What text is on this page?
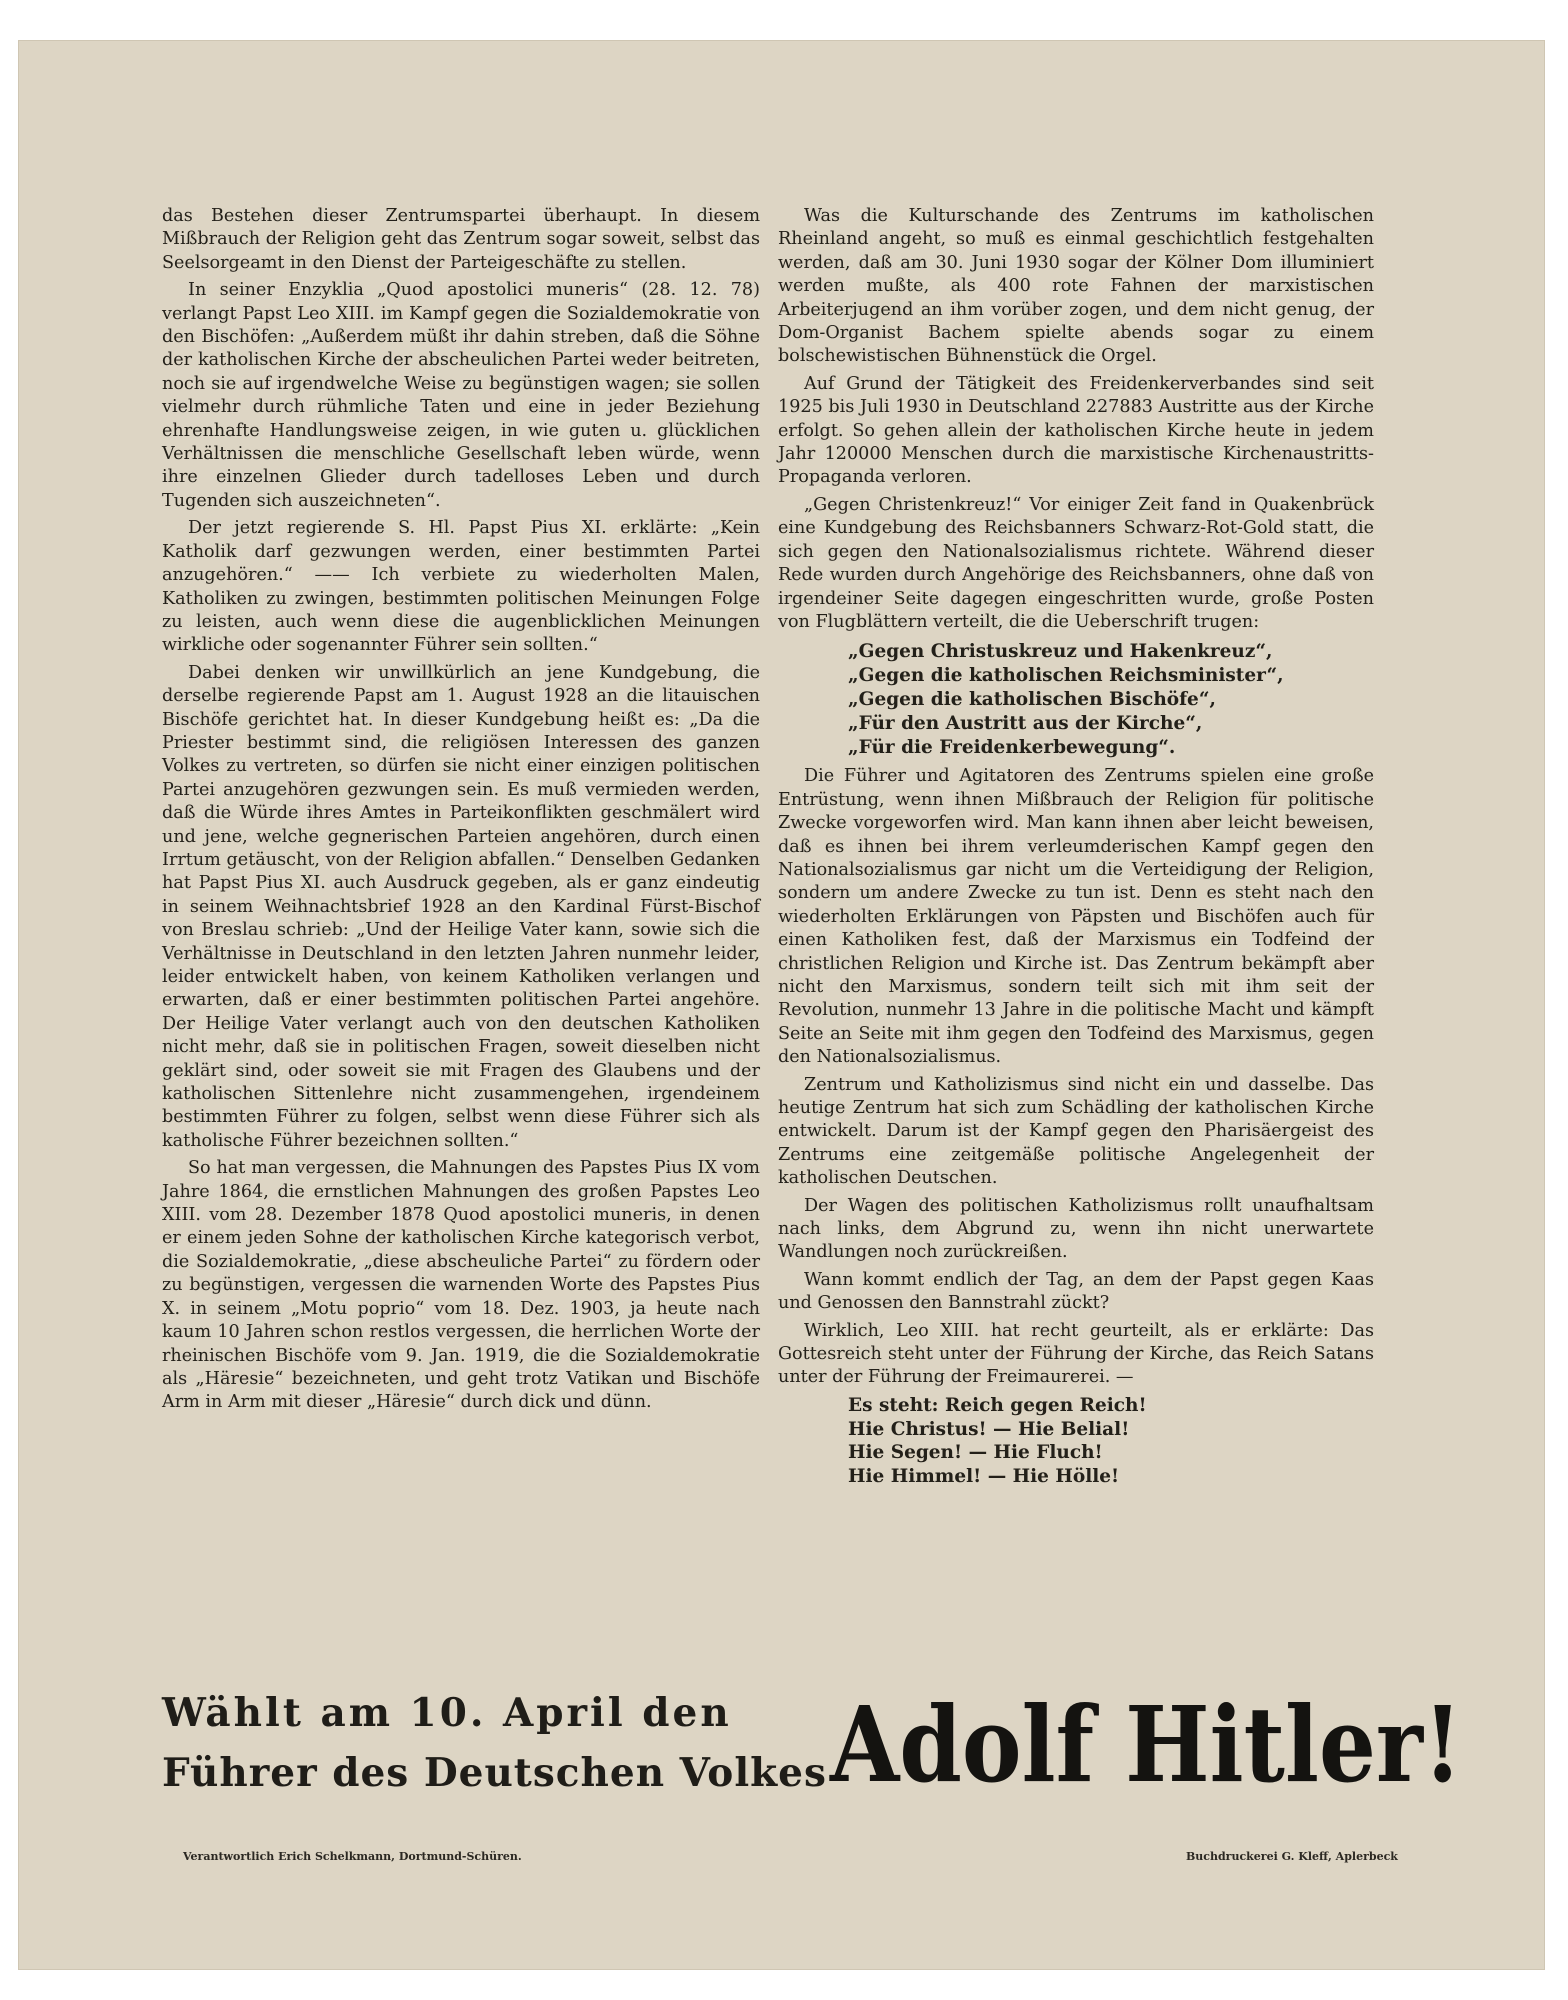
das Bestehen dieser Zentrumspartei überhaupt. In diesem Mißbrauch der Religion geht das Zentrum sogar soweit, selbst das Seelsorgeamt in den Dienst der Parteigeschäfte zu stellen.

In seiner Enzyklia „Quod apostolici muneris“ (28. 12. 78) verlangt Papst Leo XIII. im Kampf gegen die Sozialdemokratie von den Bischöfen: „Außerdem müßt ihr dahin streben, daß die Söhne der katholischen Kirche der abscheulichen Partei weder beitreten, noch sie auf irgendwelche Weise zu begünstigen wagen; sie sollen vielmehr durch rühmliche Taten und eine in jeder Beziehung ehrenhafte Handlungsweise zeigen, in wie guten u. glücklichen Verhältnissen die menschliche Gesellschaft leben würde, wenn ihre einzelnen Glieder durch tadelloses Leben und durch Tugenden sich auszeichneten“.

Der jetzt regierende S. Hl. Papst Pius XI. erklärte: „Kein Katholik darf gezwungen werden, einer bestimmten Partei anzugehören.“ —— Ich verbiete zu wiederholten Malen, Katholiken zu zwingen, bestimmten politischen Meinungen Folge zu leisten, auch wenn diese die augenblicklichen Meinungen wirkliche oder sogenannter Führer sein sollten.“

Dabei denken wir unwillkürlich an jene Kundgebung, die derselbe regierende Papst am 1. August 1928 an die litauischen Bischöfe gerichtet hat. In dieser Kundgebung heißt es: „Da die Priester bestimmt sind, die religiösen Interessen des ganzen Volkes zu vertreten, so dürfen sie nicht einer einzigen politischen Partei anzugehören gezwungen sein. Es muß vermieden werden, daß die Würde ihres Amtes in Parteikonflikten geschmälert wird und jene, welche gegnerischen Parteien angehören, durch einen Irrtum getäuscht, von der Religion abfallen.“ Denselben Gedanken hat Papst Pius XI. auch Ausdruck gegeben, als er ganz eindeutig in seinem Weihnachtsbrief 1928 an den Kardinal Fürst-Bischof von Breslau schrieb: „Und der Heilige Vater kann, sowie sich die Verhältnisse in Deutschland in den letzten Jahren nunmehr leider, leider entwickelt haben, von keinem Katholiken verlangen und erwarten, daß er einer bestimmten politischen Partei angehöre. Der Heilige Vater verlangt auch von den deutschen Katholiken nicht mehr, daß sie in politischen Fragen, soweit dieselben nicht geklärt sind, oder soweit sie mit Fragen des Glaubens und der katholischen Sittenlehre nicht zusammengehen, irgendeinem bestimmten Führer zu folgen, selbst wenn diese Führer sich als katholische Führer bezeichnen sollten.“

So hat man vergessen, die Mahnungen des Papstes Pius IX vom Jahre 1864, die ernstlichen Mahnungen des großen Papstes Leo XIII. vom 28. Dezember 1878 Quod apostolici muneris, in denen er einem jeden Sohne der katholischen Kirche kategorisch verbot, die Sozialdemokratie, „diese abscheuliche Partei“ zu fördern oder zu begünstigen, vergessen die warnenden Worte des Papstes Pius X. in seinem „Motu poprio“ vom 18. Dez. 1903, ja heute nach kaum 10 Jahren schon restlos vergessen, die herrlichen Worte der rheinischen Bischöfe vom 9. Jan. 1919, die die Sozialdemokratie als „Häresie“ bezeichneten, und geht trotz Vatikan und Bischöfe Arm in Arm mit dieser „Häresie“ durch dick und dünn.

Was die Kulturschande des Zentrums im katholischen Rheinland angeht, so muß es einmal geschichtlich festgehalten werden, daß am 30. Juni 1930 sogar der Kölner Dom illuminiert werden mußte, als 400 rote Fahnen der marxistischen Arbeiterjugend an ihm vorüber zogen, und dem nicht genug, der Dom-Organist Bachem spielte abends sogar zu einem bolschewistischen Bühnenstück die Orgel.

Auf Grund der Tätigkeit des Freidenkerverbandes sind seit 1925 bis Juli 1930 in Deutschland 227883 Austritte aus der Kirche erfolgt. So gehen allein der katholischen Kirche heute in jedem Jahr 120000 Menschen durch die marxistische Kirchenaustritts-Propaganda verloren.

„Gegen Christenkreuz!“ Vor einiger Zeit fand in Quakenbrück eine Kundgebung des Reichsbanners Schwarz-Rot-Gold statt, die sich gegen den Nationalsozialismus richtete. Während dieser Rede wurden durch Angehörige des Reichsbanners, ohne daß von irgendeiner Seite dagegen eingeschritten wurde, große Posten von Flugblättern verteilt, die die Ueberschrift trugen:

„Gegen Christuskreuz und Hakenkreuz“,
„Gegen die katholischen Reichsminister“,
„Gegen die katholischen Bischöfe“,
„Für den Austritt aus der Kirche“,
„Für die Freidenkerbewegung“.

Die Führer und Agitatoren des Zentrums spielen eine große Entrüstung, wenn ihnen Mißbrauch der Religion für politische Zwecke vorgeworfen wird. Man kann ihnen aber leicht beweisen, daß es ihnen bei ihrem verleumderischen Kampf gegen den Nationalsozialismus gar nicht um die Verteidigung der Religion, sondern um andere Zwecke zu tun ist. Denn es steht nach den wiederholten Erklärungen von Päpsten und Bischöfen auch für einen Katholiken fest, daß der Marxismus ein Todfeind der christlichen Religion und Kirche ist. Das Zentrum bekämpft aber nicht den Marxismus, sondern teilt sich mit ihm seit der Revolution, nunmehr 13 Jahre in die politische Macht und kämpft Seite an Seite mit ihm gegen den Todfeind des Marxismus, gegen den Nationalsozialismus.

Zentrum und Katholizismus sind nicht ein und dasselbe. Das heutige Zentrum hat sich zum Schädling der katholischen Kirche entwickelt. Darum ist der Kampf gegen den Pharisäergeist des Zentrums eine zeitgemäße politische Angelegenheit der katholischen Deutschen.

Der Wagen des politischen Katholizismus rollt unaufhaltsam nach links, dem Abgrund zu, wenn ihn nicht unerwartete Wandlungen noch zurückreißen.

Wann kommt endlich der Tag, an dem der Papst gegen Kaas und Genossen den Bannstrahl zückt?

Wirklich, Leo XIII. hat recht geurteilt, als er erklärte: Das Gottesreich steht unter der Führung der Kirche, das Reich Satans unter der Führung der Freimaurerei. —

Es steht: Reich gegen Reich!
Hie Christus! — Hie Belial!
Hie Segen! — Hie Fluch!
Hie Himmel! — Hie Hölle!
Wählt am 10. April den
Führer des Deutschen Volkes Adolf Hitler!
Verantwortlich Erich Schelkmann, Dortmund-Schüren.	Buchdruckerei G. Kleff, Aplerbeck
